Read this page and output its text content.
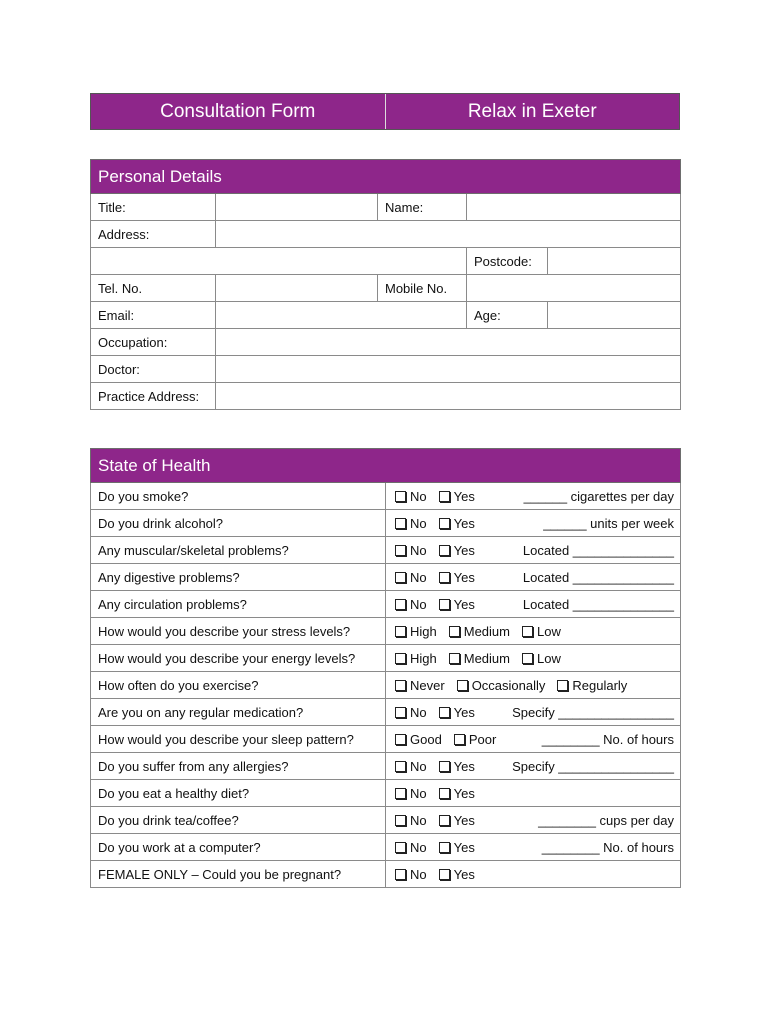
Consultation Form	Relax in Exeter
Personal Details				
Title:		Name:		
Address:				
			Postcode:	
Tel. No.		Mobile No.		
Email:			Age:	
Occupation:				
Doctor:				
Practice Address:				
State of Health	
Do you smoke?	No Yes ______ cigarettes per day

Do you drink alcohol?	No Yes ______ units per week

Any muscular/skeletal problems?	No Yes Located ______________

Any digestive problems?	No Yes Located ______________

Any circulation problems?	No Yes Located ______________

How would you describe your stress levels?	High Medium Low

How would you describe your energy levels?	High Medium Low

How often do you exercise?	Never Occasionally Regularly

Are you on any regular medication?	No Yes Specify ________________

How would you describe your sleep pattern?	Good Poor ________ No. of hours

Do you suffer from any allergies?	No Yes Specify ________________

Do you eat a healthy diet?	No Yes

Do you drink tea/coffee?	No Yes ________ cups per day

Do you work at a computer?	No Yes ________ No. of hours

FEMALE ONLY – Could you be pregnant?	No Yes
